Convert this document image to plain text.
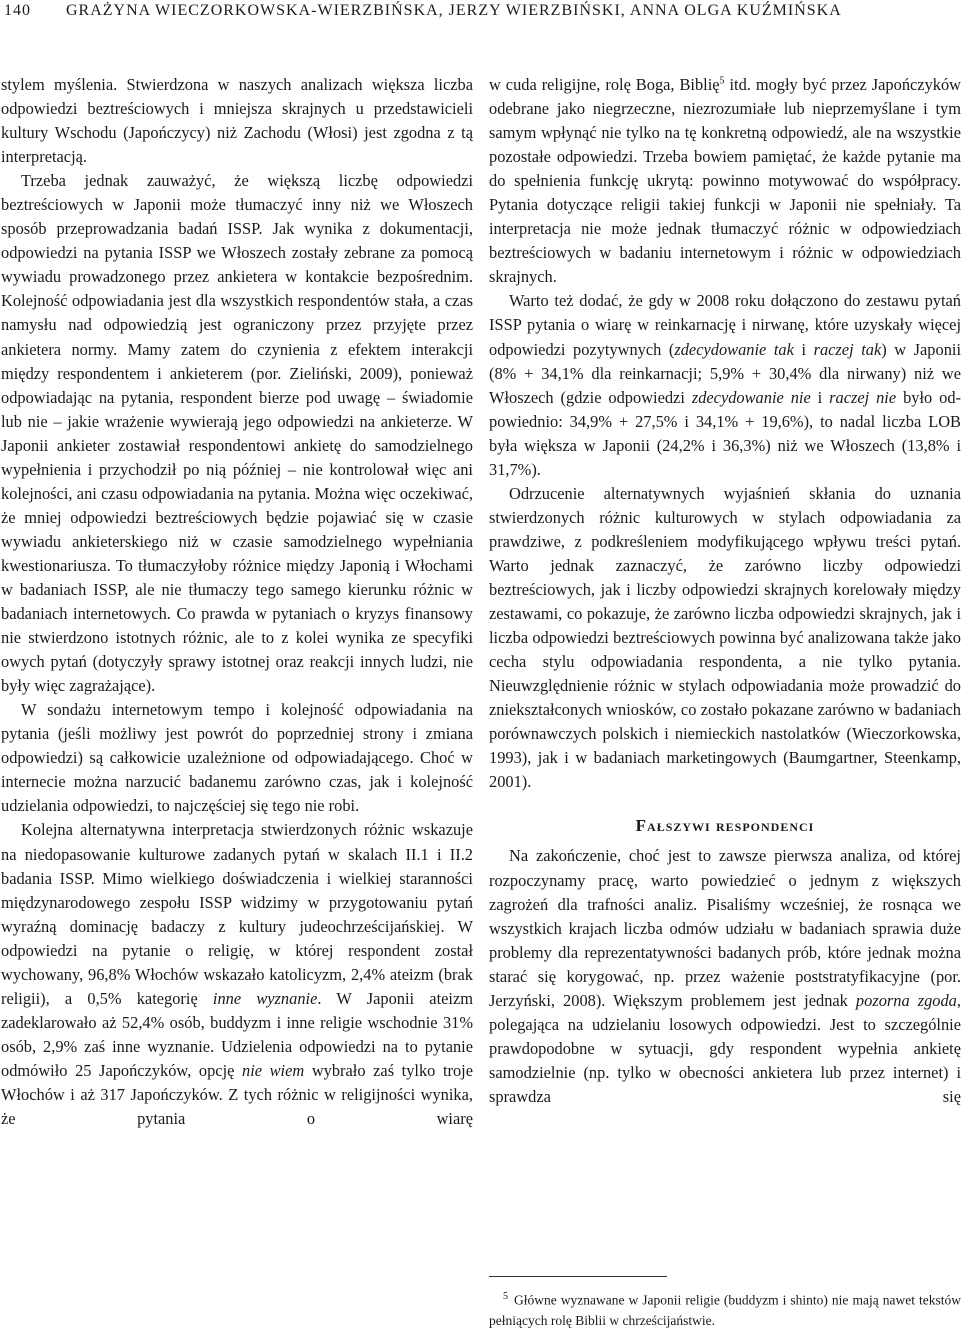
140 GRAŻYNA WIECZORKOWSKA-WIERZBIŃSKA, JERZY WIERZBIŃSKI, ANNA OLGA KUŹMIŃSKA

stylem myślenia. Stwierdzona w naszych analizach większa liczba odpowiedzi beztreściowych i mniejsza skrajnych u przedstawicieli kultury Wschodu (Japończycy) niż Zachodu (Włosi) jest zgodna z tą interpretacją.

Trzeba jednak zauważyć, że większą liczbę odpowiedzi beztreściowych w Japonii może tłumaczyć inny niż we Włoszech sposób przeprowadzania badań ISSP. Jak wynika z dokumentacji, odpowiedzi na pytania ISSP we Włoszech zostały zebrane za pomocą wywiadu prowadzonego przez ankietera w kontakcie bezpośrednim. Kolejność odpowiadania jest dla wszystkich respondentów stała, a czas namysłu nad odpowiedzią jest ograniczony przez przyjęte przez ankietera normy. Mamy zatem do czynienia z efektem interakcji między respondentem i ankieterem (por. Zieliński, 2009), ponieważ odpowiadając na pytania, respondent bierze pod uwagę – świadomie lub nie – jakie wrażenie wywierają jego odpowiedzi na ankieterze. W Japonii ankieter zostawiał respondentowi ankietę do samodzielnego wypełnienia i przychodził po nią później – nie kontrolował więc ani kolejności, ani czasu odpowiadania na pytania. Można więc oczekiwać, że mniej odpowiedzi beztreściowych będzie pojawiać się w czasie wywiadu ankieterskiego niż w czasie samodzielnego wypełniania kwestionariusza. To tłumaczyłoby różnice między Japonią i Włochami w badaniach ISSP, ale nie tłumaczy tego samego kierunku różnic w badaniach internetowych. Co prawda w pytaniach o kryzys finansowy nie stwierdzono istotnych różnic, ale to z kolei wynika ze specyfiki owych pytań (dotyczyły sprawy istotnej oraz reakcji innych ludzi, nie były więc zagrażające).

W sondażu internetowym tempo i kolejność odpowiadania na pytania (jeśli możliwy jest powrót do poprzedniej strony i zmiana odpowiedzi) są całkowicie uzależnione od odpowiadającego. Choć w internecie można narzucić badanemu zarówno czas, jak i kolejność udzielania odpowiedzi, to najczęściej się tego nie robi.

Kolejna alternatywna interpretacja stwierdzonych różnic wskazuje na niedopasowanie kulturowe zadanych pytań w skalach II.1 i II.2 badania ISSP. Mimo wielkiego doświadczenia i wielkiej staranności międzynarodowego zespołu ISSP widzimy w przygotowaniu pytań wyraźną dominację badaczy z kultury judeochrześcijańskiej. W odpowiedzi na pytanie o religię, w której respondent został wychowany, 96,8% Włochów wskazało katolicyzm, 2,4% ateizm (brak religii), a 0,5% kategorię inne wyznanie. W Japonii ateizm zadeklarowało aż 52,4% osób, buddyzm i inne religie wschodnie 31% osób, 2,9% zaś inne wyznanie. Udzielenia odpowiedzi na to pytanie odmówiło 25 Japończyków, opcję nie wiem wybrało zaś tylko troje Włochów i aż 317 Japończyków. Z tych różnic w religijności wynika, że pytania o wiarę

w cuda religijne, rolę Boga, Biblię$^5$ itd. mogły być przez Japończyków odebrane jako niegrzeczne, niezrozumiałe lub nieprzemyślane i tym samym wpłynąć nie tylko na tę konkretną odpowiedź, ale na wszystkie pozostałe odpowiedzi. Trzeba bowiem pamiętać, że każde pytanie ma do spełnienia funkcję ukrytą: powinno motywować do współpracy. Pytania dotyczące religii takiej funkcji w Japonii nie spełniały. Ta interpretacja nie może jednak tłumaczyć różnic w odpowiedziach beztreściowych w badaniu internetowym i różnic w odpowiedziach skrajnych.

Warto też dodać, że gdy w 2008 roku dołączono do zestawu pytań ISSP pytania o wiarę w reinkarnację i nirwanę, które uzyskały więcej odpowiedzi pozytywnych (zdecydowanie tak i raczej tak) w Japonii (8% + 34,1% dla reinkarnacji; 5,9% + 30,4% dla nirwany) niż we Włoszech (gdzie odpowiedzi zdecydowanie nie i raczej nie było odpowiednio: 34,9% + 27,5% i 34,1% + 19,6%), to nadal liczba LOB była większa w Japonii (24,2% i 36,3%) niż we Włoszech (13,8% i 31,7%).

Odrzucenie alternatywnych wyjaśnień skłania do uznania stwierdzonych różnic kulturowych w stylach odpowiadania za prawdziwe, z podkreśleniem modyfikującego wpływu treści pytań. Warto jednak zaznaczyć, że zarówno liczby odpowiedzi beztreściowych, jak i liczby odpowiedzi skrajnych korelowały między zestawami, co pokazuje, że zarówno liczba odpowiedzi skrajnych, jak i liczba odpowiedzi beztreściowych powinna być analizowana także jako cecha stylu odpowiadania respondenta, a nie tylko pytania. Nieuwzględnienie różnic w stylach odpowiadania może prowadzić do zniekształconych wniosków, co zostało pokazane zarówno w badaniach porównawczych polskich i niemieckich nastolatków (Wieczorkowska, 1993), jak i w badaniach marketingowych (Baumgartner, Steenkamp, 2001).

Fałszywi respondenci

Na zakończenie, choć jest to zawsze pierwsza analiza, od której rozpoczynamy pracę, warto powiedzieć o jednym z większych zagrożeń dla trafności analiz. Pisaliśmy wcześniej, że rosnąca we wszystkich krajach liczba odmów udziału w badaniach sprawia duże problemy dla reprezentatywności badanych prób, które jednak można starać się korygować, np. przez ważenie poststratyfikacyjne (por. Jerzyński, 2008). Większym problemem jest jednak pozorna zgoda, polegająca na udzielaniu losowych odpowiedzi. Jest to szczególnie prawdopodobne w sytuacji, gdy respondent wypełnia ankietę samodzielnie (np. tylko w obecności ankietera lub przez internet) i sprawdza się

$^5$ Główne wyznawane w Japonii religie (buddyzm i shinto) nie mają nawet tekstów pełniących rolę Biblii w chrześcijaństwie.
